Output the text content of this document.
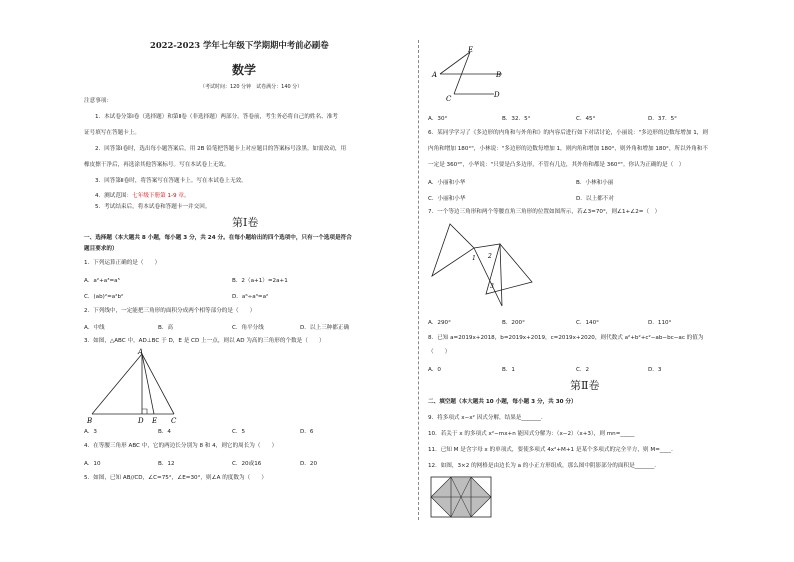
2022-2023 学年七年级下学期期中考前必刷卷
数学
（考试时间：120 分钟　试卷满分：140 分）
注意事项：
1．本试卷分第Ⅰ卷（选择题）和第Ⅱ卷（非选择题）两部分。答卷前，考生务必将自己的姓名、准考
证号填写在答题卡上。
2．回答第Ⅰ卷时，选出每小题答案后，用 2B 铅笔把答题卡上对应题目的答案标号涂黑。如需改动，用
橡皮擦干净后，再选涂其他答案标号。写在本试卷上无效。
3．回答第Ⅱ卷时，将答案写在答题卡上。写在本试卷上无效。
4．测试范围：七年级下册第 1-9 章。
5．考试结束后，将本试卷和答题卡一并交回。
第Ⅰ卷
一、选择题（本大题共 8 小题，每小题 3 分，共 24 分。在每小题给出的四个选项中，只有一个选项是符合
题目要求的）
1．下列运算正确的是（　　）
A．a²+a³=a⁵	B．2（a+1）=2a+1
C．(ab)²=a²b²	D．a⁶÷a³=a²
2．下列线中，一定能把三角形的面积分成两个相等部分的是（　　）
A．中线	B．高	C．角平分线	D．以上三种都正确
3．如图，△ABC 中，AD⊥BC 于 D，E 是 CD 上一点，则以 AD 为高的三角形的个数是（　　）
A
B	D E C
A．3	B．4	C．5	D．6
4．在等腰三角形 ABC 中，它的两边长分别为 8 和 4，则它的周长为（　　）
A．10	B．12	C．20或16	D．20
5．如图，已知 AB//CD，∠C=75°，∠E=30°，则∠A 的度数为（　　）
E
A	B
C	D
A．30°	B．32．5°	C．45°	D．37．5°
6．某同学学习了《多边形的内角和与外角和》的内容后进行如下对话讨论，小丽说："多边形的边数每增加 1，则
内角和增加 180°"，小林说："多边形的边数每增加 1，则内角和增加 180°，则外角和增加 180°，所以外角和不
一定是 360°"，小华说："只要是凸多边形，不管有几边，其外角和都是 360°"。你认为正确的是（　）
A．小丽和小华	B．小林和小丽
C．小丽和小华	D．以上都不对
7．一个等边三角形和两个等腰直角三角形的位置如图所示，若∠3=70°，则∠1+∠2=（　）
1 2
3
A．290°	B．200°	C．140°	D．110°
8．已知 a=2019x+2018，b=2019x+2019，c=2019x+2020，则代数式 a²+b²+c²−ab−bc−ac 的值为
（　　）
A．0	B．1	C．2	D．3
第Ⅱ卷
二、填空题（本大题共 10 小题，每小题 3 分，共 30 分）
9．将多项式 x−x² 因式分解，结果是_______．
10．若关于 x 的多项式 x²−mx+n 能因式分解为：（x−2）（x+3），则 mn=_____
11．已知 M 是含字母 x 的单项式，要使多项式 4x²+M+1 是某个多项式的完全平方，则 M=____．
12．如图，3×2 的网格是由边长为 a 的小正方形组成，那么图中阴影部分的面积是_______．
